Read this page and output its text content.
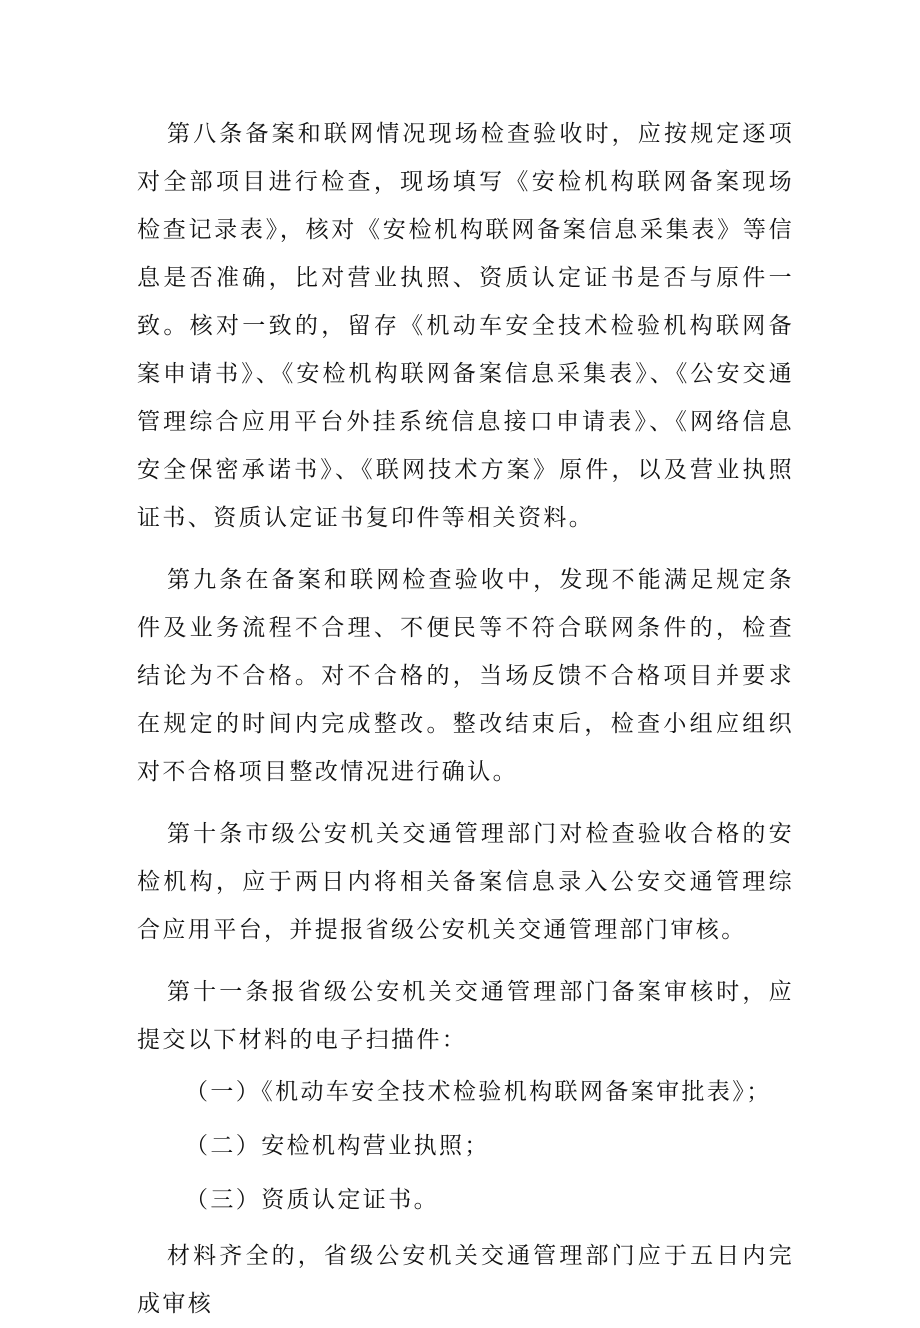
第八条备案和联网情况现场检查验收时，应按规定逐项对全部项目进行检查，现场填写《安检机构联网备案现场检查记录表》，核对《安检机构联网备案信息采集表》等信息是否准确，比对营业执照、资质认定证书是否与原件一致。核对一致的，留存《机动车安全技术检验机构联网备案申请书》、《安检机构联网备案信息采集表》、《公安交通管理综合应用平台外挂系统信息接口申请表》、《网络信息安全保密承诺书》、《联网技术方案》原件，以及营业执照证书、资质认定证书复印件等相关资料。

第九条在备案和联网检查验收中，发现不能满足规定条件及业务流程不合理、不便民等不符合联网条件的，检查结论为不合格。对不合格的，当场反馈不合格项目并要求在规定的时间内完成整改。整改结束后，检查小组应组织对不合格项目整改情况进行确认。

第十条市级公安机关交通管理部门对检查验收合格的安检机构，应于两日内将相关备案信息录入公安交通管理综合应用平台，并提报省级公安机关交通管理部门审核。

第十一条报省级公安机关交通管理部门备案审核时，应提交以下材料的电子扫描件：

（一）《机动车安全技术检验机构联网备案审批表》；

（二）安检机构营业执照；

（三）资质认定证书。

材料齐全的，省级公安机关交通管理部门应于五日内完成审核
